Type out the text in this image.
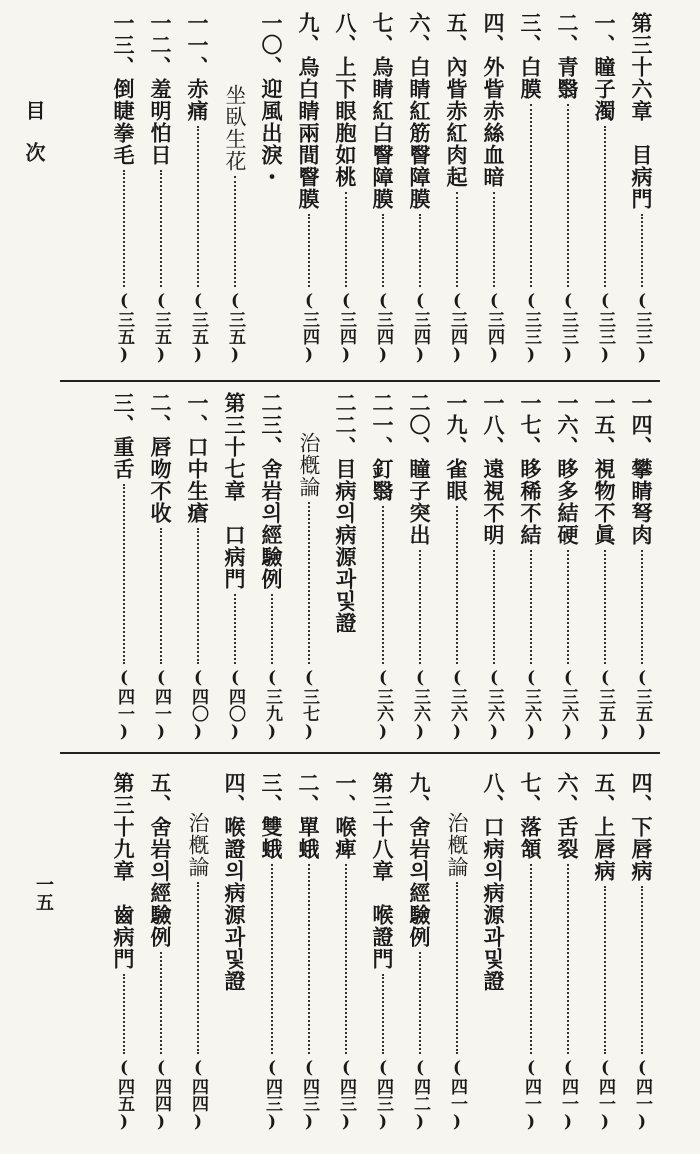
目次
一五
第三十六章　目病門
(三三)
一、瞳子濁
(三三)
二、青翳
(三三)
三、白膜
(三三)
四、外眥赤絲血暗
(三四)
五、內眥赤紅肉起
(三四)
六、白睛紅筋瞖障膜
(三四)
七、烏睛紅白瞖障膜
(三四)
八、上下眼胞如桃
(三四)
九、烏白睛兩間瞖膜
(三四)
一〇、迎風出淚・
坐臥生花
(三五)
一一、赤痛
(三五)
一二、羞明怕日
(三五)
一三、倒睫拳毛
(三五)
一四、攀睛弩肉
(三五)
一五、視物不眞
(三五)
一六、眵多結硬
(三六)
一七、眵稀不結
(三六)
一八、遠視不明
(三六)
一九、雀眼
(三六)
二〇、瞳子突出
(三六)
二一、釘翳
(三六)
二二、目病의病源과및證
治槪論
(三七)
二三、舍岩의經驗例
(三九)
第三十七章　口病門
(四〇)
一、口中生瘡
(四〇)
二、唇吻不收
(四一)
三、重舌
(四一)
四、下唇病
(四一)
五、上唇病
(四一)
六、舌裂
(四一)
七、落頷
(四一)
八、口病의病源과및證
治槪論
(四一)
九、舍岩의經驗例
(四二)
第三十八章　喉證門
(四三)
一、喉痺
(四三)
二、單蛾
(四三)
三、雙蛾
(四三)
四、喉證의病源과및證
治槪論
(四四)
五、舍岩의經驗例
(四四)
第三十九章　齒病門
(四五)
